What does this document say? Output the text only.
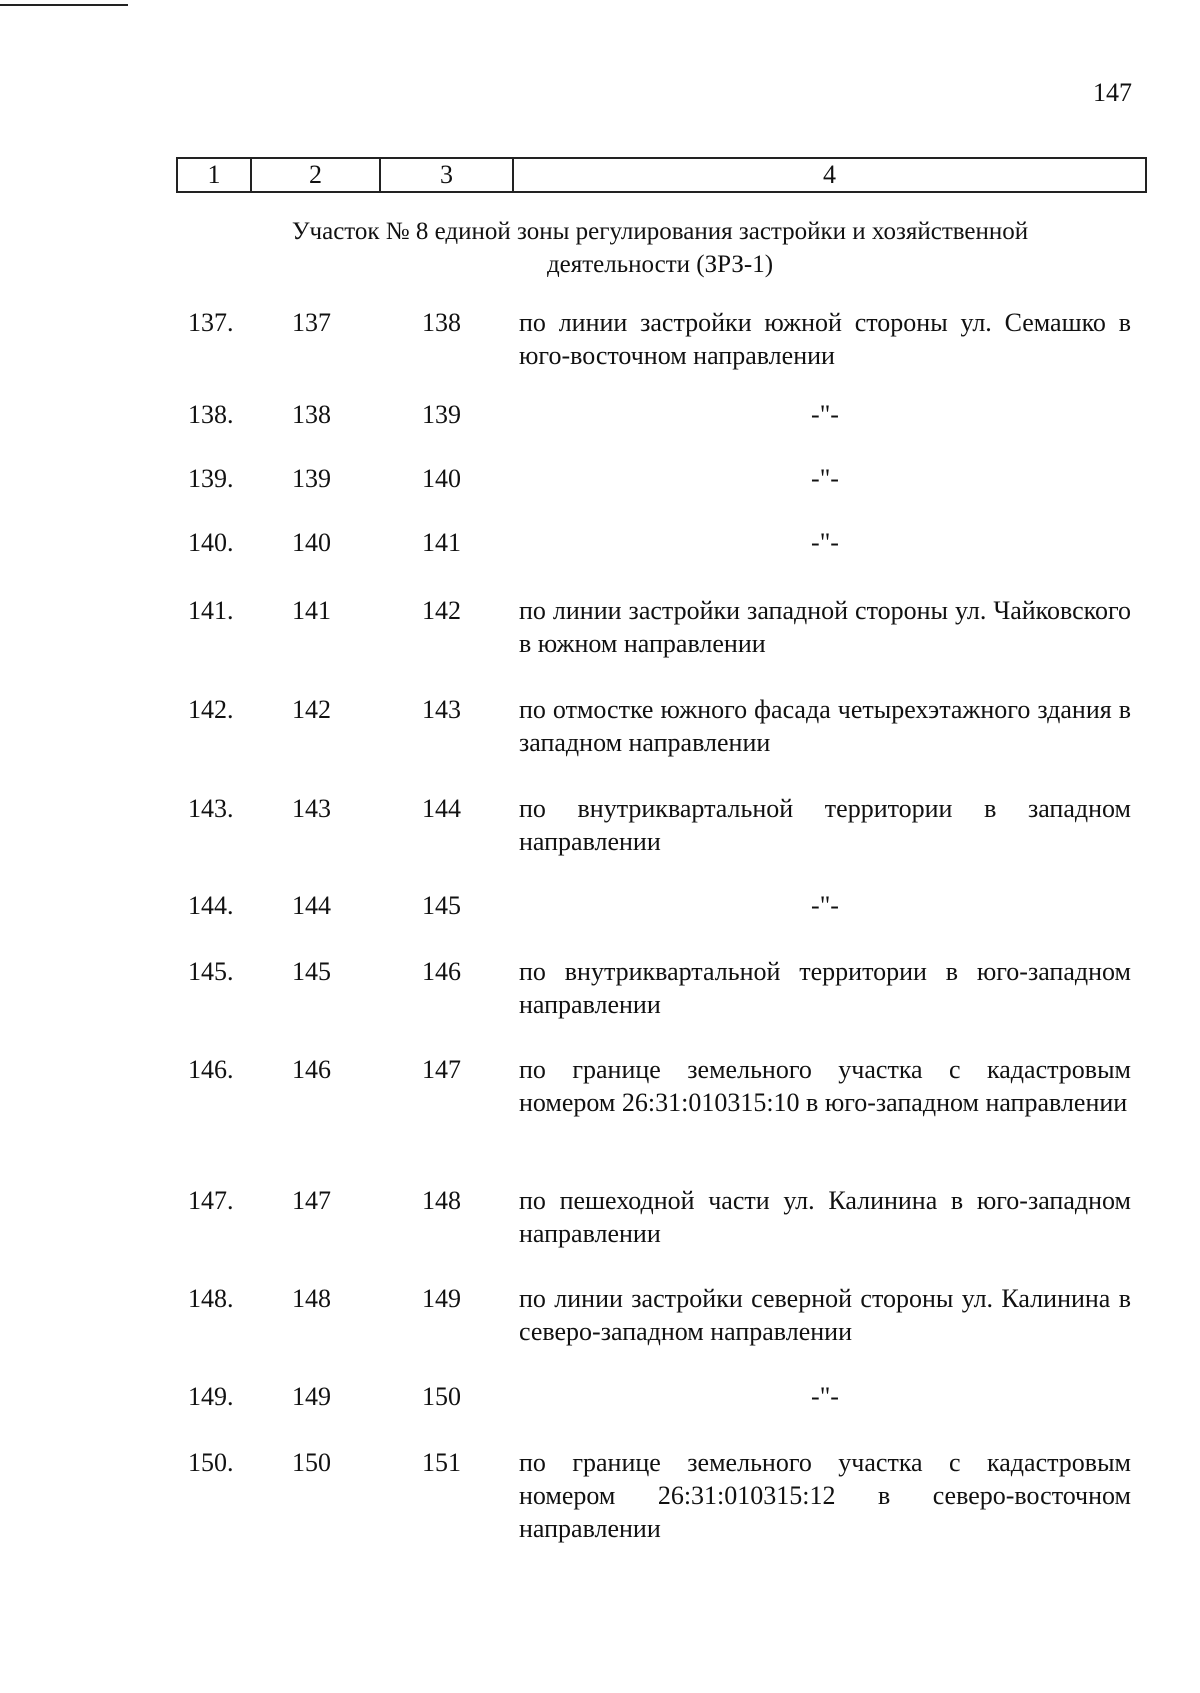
147
1	2	3	4
Участок № 8 единой зоны регулирования застройки и хозяйственной деятельности (ЗРЗ-1)
137.	137	138	по линии застройки южной стороны ул. Семашко в юго-восточном направлении
138.	138	139	-"-
139.	139	140	-"-
140.	140	141	-"-
141.	141	142	по линии застройки западной стороны ул. Чайковского в южном направлении
142.	142	143	по отмостке южного фасада четырехэтажного здания в западном направлении
143.	143	144	по внутриквартальной территории в западном направлении
144.	144	145	-"-
145.	145	146	по внутриквартальной территории в юго-западном направлении
146.	146	147	по границе земельного участка с кадастровым номером 26:31:010315:10 в юго-западном направлении
147.	147	148	по пешеходной части ул. Калинина в юго-западном направлении
148.	148	149	по линии застройки северной стороны ул. Калинина в северо-западном направлении
149.	149	150	-"-
150.	150	151	по границе земельного участка с кадастровым номером 26:31:010315:12 в северо-восточном направлении
